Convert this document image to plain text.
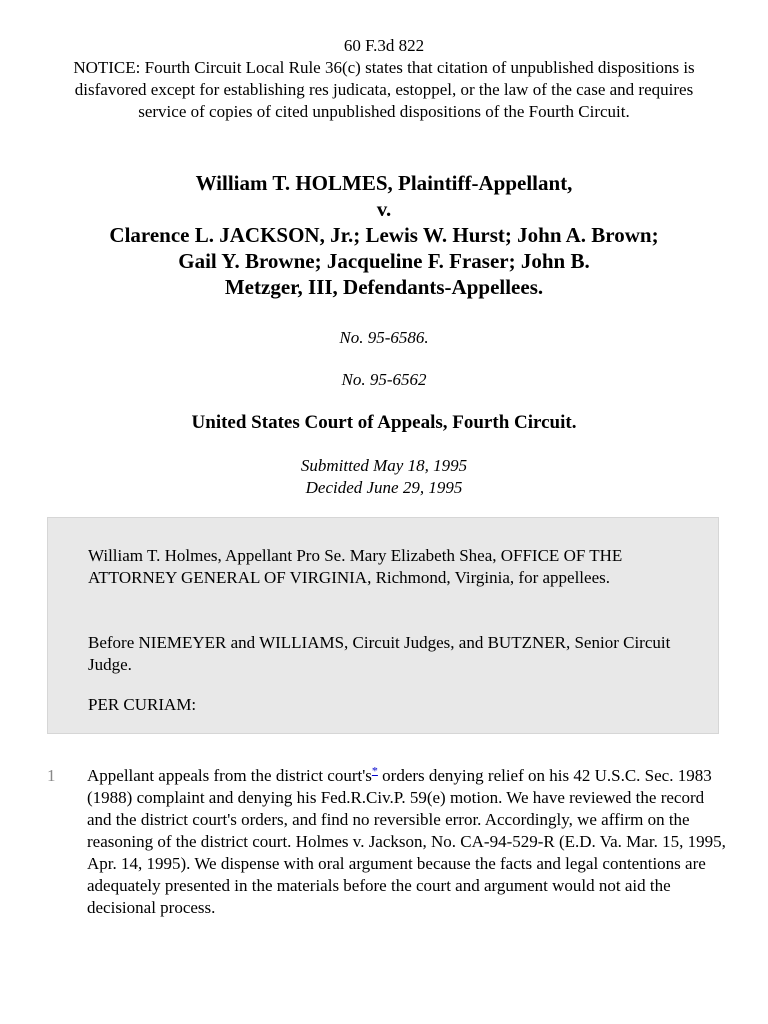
60 F.3d 822
NOTICE: Fourth Circuit Local Rule 36(c) states that citation of unpublished dispositions is disfavored except for establishing res judicata, estoppel, or the law of the case and requires service of copies of cited unpublished dispositions of the Fourth Circuit.
William T. HOLMES, Plaintiff-Appellant,
v.
Clarence L. JACKSON, Jr.; Lewis W. Hurst; John A. Brown;
Gail Y. Browne; Jacqueline F. Fraser; John B.
Metzger, III, Defendants-Appellees.
No. 95-6586.
No. 95-6562
United States Court of Appeals, Fourth Circuit.
Submitted May 18, 1995
Decided June 29, 1995

William T. Holmes, Appellant Pro Se. Mary Elizabeth Shea, OFFICE OF THE ATTORNEY GENERAL OF VIRGINIA, Richmond, Virginia, for appellees.

Before NIEMEYER and WILLIAMS, Circuit Judges, and BUTZNER, Senior Circuit Judge.

PER CURIAM:

1 Appellant appeals from the district court's* orders denying relief on his 42 U.S.C. Sec. 1983 (1988) complaint and denying his Fed.R.Civ.P. 59(e) motion. We have reviewed the record and the district court's orders, and find no reversible error. Accordingly, we affirm on the reasoning of the district court. Holmes v. Jackson, No. CA-94-529-R (E.D. Va. Mar. 15, 1995, Apr. 14, 1995). We dispense with oral argument because the facts and legal contentions are adequately presented in the materials before the court and argument would not aid the decisional process.
